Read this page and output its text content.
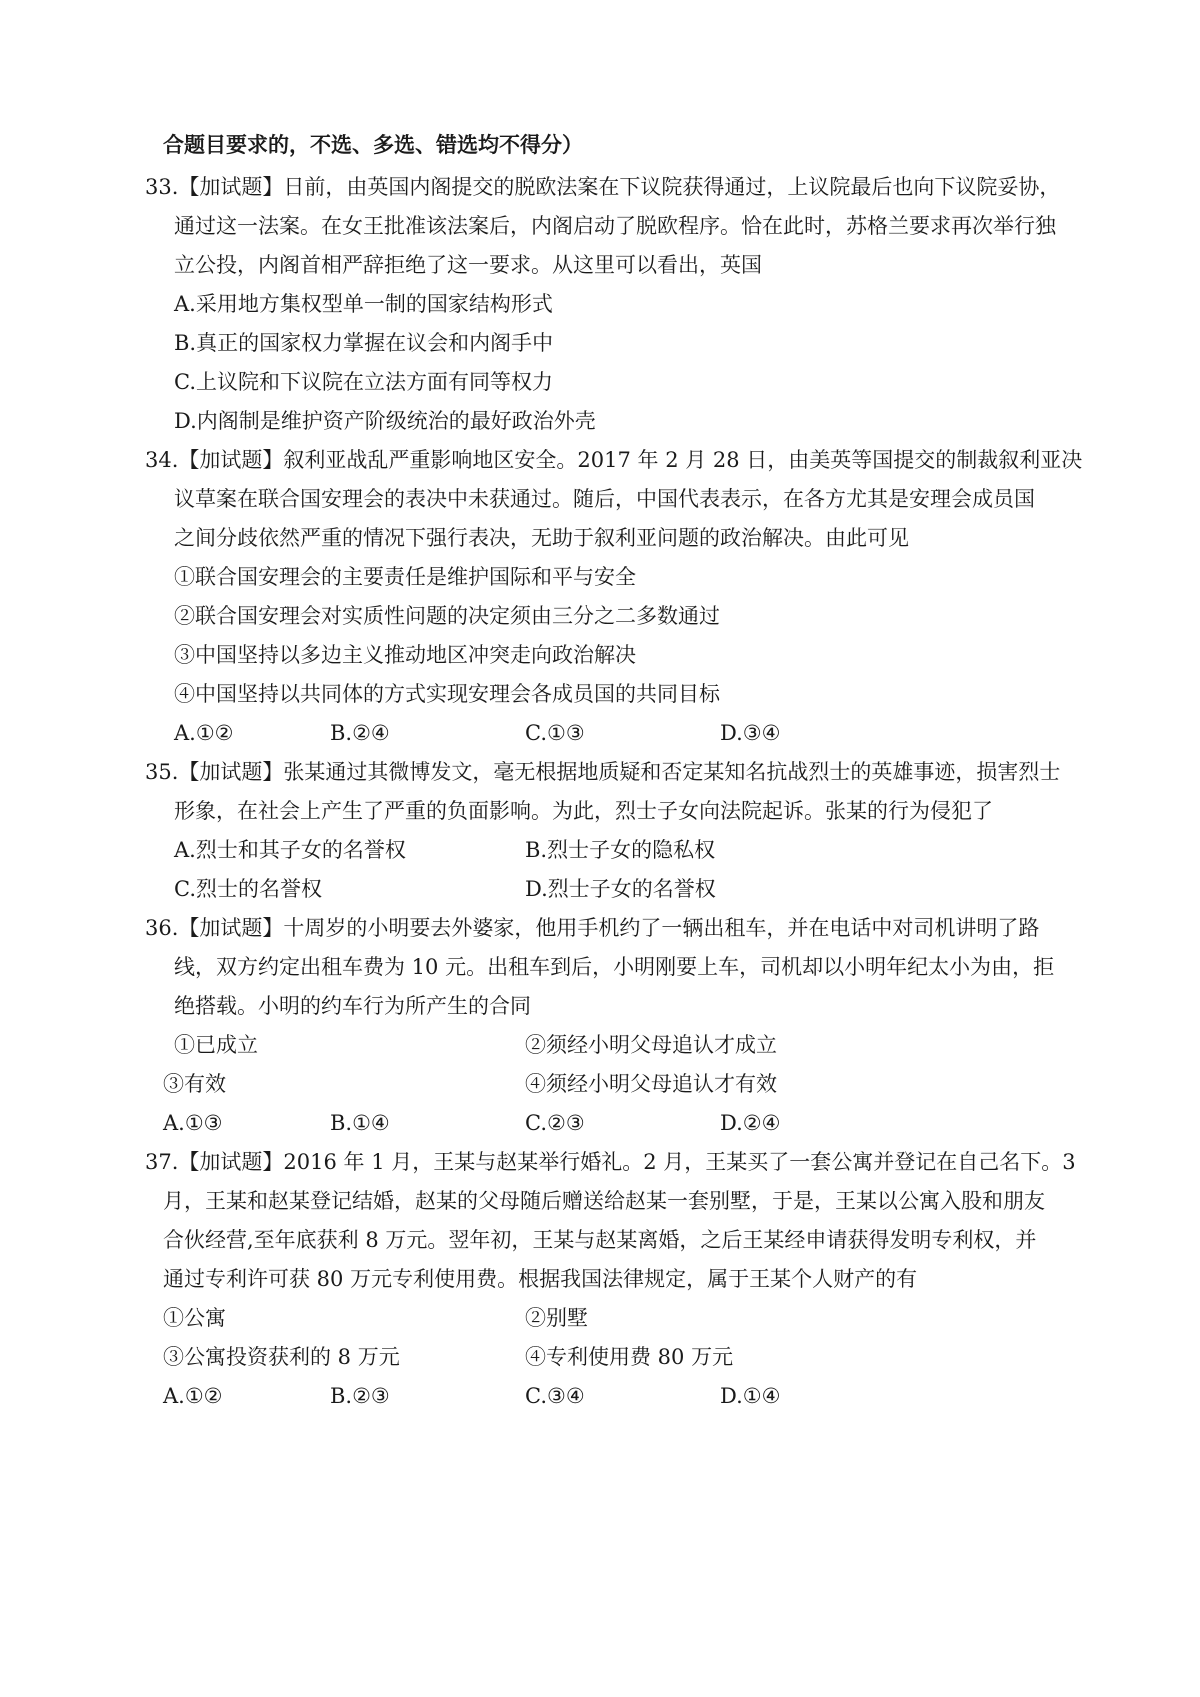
合题目要求的，不选、多选、错选均不得分）
33.【加试题】日前，由英国内阁提交的脱欧法案在下议院获得通过，上议院最后也向下议院妥协，
通过这一法案。在女王批准该法案后，内阁启动了脱欧程序。恰在此时，苏格兰要求再次举行独
立公投，内阁首相严辞拒绝了这一要求。从这里可以看出，英国
A.采用地方集权型单一制的国家结构形式
B.真正的国家权力掌握在议会和内阁手中
C.上议院和下议院在立法方面有同等权力
D.内阁制是维护资产阶级统治的最好政治外壳
34.【加试题】叙利亚战乱严重影响地区安全。2017 年 2 月 28 日，由美英等国提交的制裁叙利亚决
议草案在联合国安理会的表决中未获通过。随后，中国代表表示，在各方尤其是安理会成员国
之间分歧依然严重的情况下强行表决，无助于叙利亚问题的政治解决。由此可见
①联合国安理会的主要责任是维护国际和平与安全
②联合国安理会对实质性问题的决定须由三分之二多数通过
③中国坚持以多边主义推动地区冲突走向政治解决
④中国坚持以共同体的方式实现安理会各成员国的共同目标
A.①②	B.②④	C.①③	D.③④
35.【加试题】张某通过其微博发文，毫无根据地质疑和否定某知名抗战烈士的英雄事迹，损害烈士
形象，在社会上产生了严重的负面影响。为此，烈士子女向法院起诉。张某的行为侵犯了
A.烈士和其子女的名誉权	B.烈士子女的隐私权
C.烈士的名誉权	D.烈士子女的名誉权
36.【加试题】十周岁的小明要去外婆家，他用手机约了一辆出租车，并在电话中对司机讲明了路
线，双方约定出租车费为 10 元。出租车到后，小明刚要上车，司机却以小明年纪太小为由，拒
绝搭载。小明的约车行为所产生的合同
①已成立	②须经小明父母追认才成立
③有效	④须经小明父母追认才有效
A.①③	B.①④	C.②③	D.②④
37.【加试题】2016 年 1 月，王某与赵某举行婚礼。2 月，王某买了一套公寓并登记在自己名下。3
月，王某和赵某登记结婚，赵某的父母随后赠送给赵某一套别墅，于是，王某以公寓入股和朋友
合伙经营,至年底获利 8 万元。翌年初，王某与赵某离婚，之后王某经申请获得发明专利权，并
通过专利许可获 80 万元专利使用费。根据我国法律规定，属于王某个人财产的有
①公寓	②别墅
③公寓投资获利的 8 万元	④专利使用费 80 万元
A.①②	B.②③	C.③④	D.①④
